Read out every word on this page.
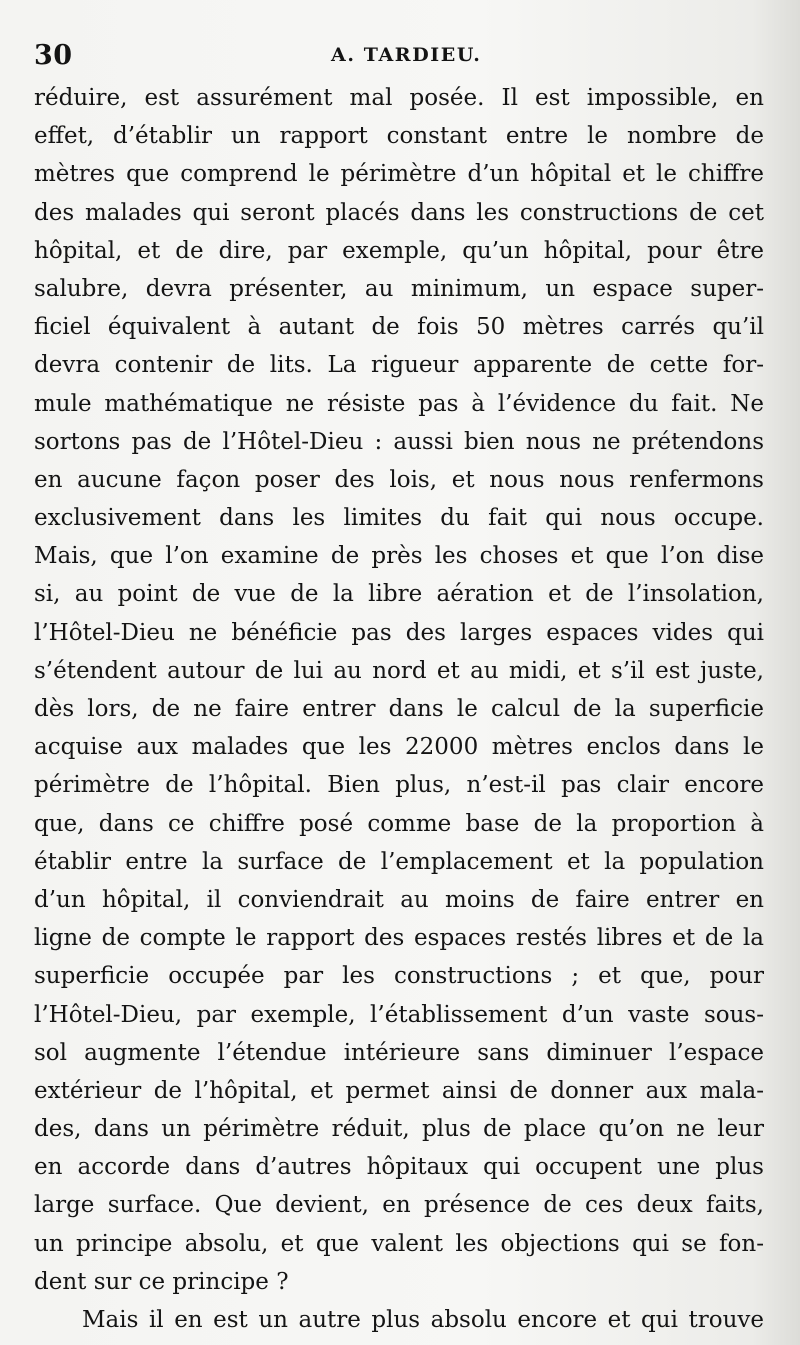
30	A. TARDIEU.
réduire, est assurément mal posée. Il est impossible, en
effet, d’établir un rapport constant entre le nombre de
mètres que comprend le périmètre d’un hôpital et le chiffre
des malades qui seront placés dans les constructions de cet
hôpital, et de dire, par exemple, qu’un hôpital, pour être
salubre, devra présenter, au minimum, un espace super-
ficiel équivalent à autant de fois 50 mètres carrés qu’il
devra contenir de lits. La rigueur apparente de cette for-
mule mathématique ne résiste pas à l’évidence du fait. Ne
sortons pas de l’Hôtel-Dieu : aussi bien nous ne prétendons
en aucune façon poser des lois, et nous nous renfermons
exclusivement dans les limites du fait qui nous occupe.
Mais, que l’on examine de près les choses et que l’on dise
si, au point de vue de la libre aération et de l’insolation,
l’Hôtel-Dieu ne bénéficie pas des larges espaces vides qui
s’étendent autour de lui au nord et au midi, et s’il est juste,
dès lors, de ne faire entrer dans le calcul de la superficie
acquise aux malades que les 22000 mètres enclos dans le
périmètre de l’hôpital. Bien plus, n’est-il pas clair encore
que, dans ce chiffre posé comme base de la proportion à
établir entre la surface de l’emplacement et la population
d’un hôpital, il conviendrait au moins de faire entrer en
ligne de compte le rapport des espaces restés libres et de la
superficie occupée par les constructions ; et que, pour
l’Hôtel-Dieu, par exemple, l’établissement d’un vaste sous-
sol augmente l’étendue intérieure sans diminuer l’espace
extérieur de l’hôpital, et permet ainsi de donner aux mala-
des, dans un périmètre réduit, plus de place qu’on ne leur
en accorde dans d’autres hôpitaux qui occupent une plus
large surface. Que devient, en présence de ces deux faits,
un principe absolu, et que valent les objections qui se fon-
dent sur ce principe ?
Mais il en est un autre plus absolu encore et qui trouve
